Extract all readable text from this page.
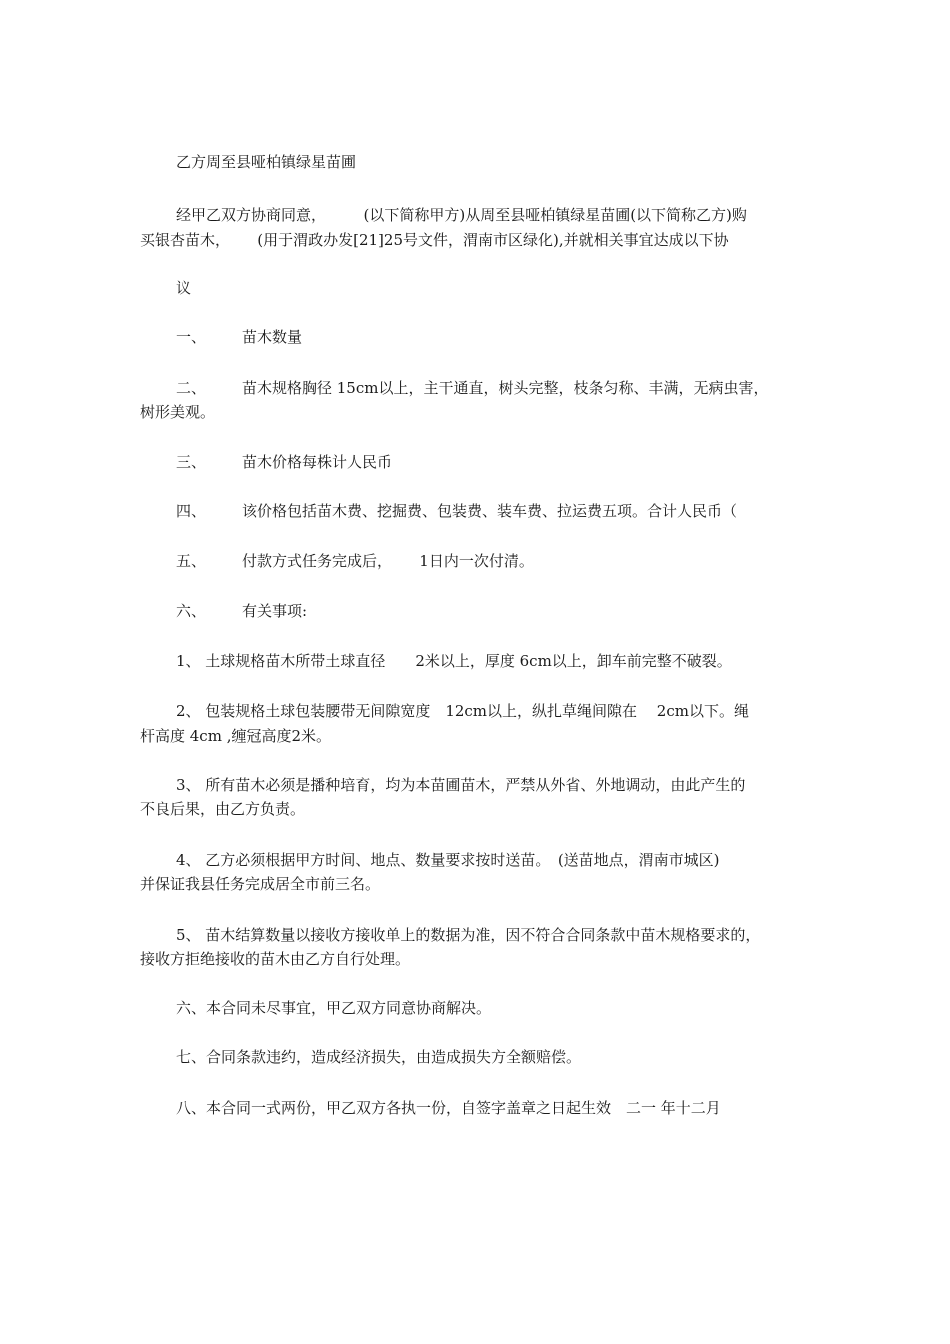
乙方周至县哑柏镇绿星苗圃
经甲乙双方协商同意，　　　(以下简称甲方)从周至县哑柏镇绿星苗圃(以下简称乙方)购
买银杏苗木，　　 (用于渭政办发[21]25号文件，渭南市区绿化),并就相关事宜达成以下协
议
一、 苗木数量
二、 苗木规格胸径 15cm以上，主干通直，树头完整，枝条匀称、丰满，无病虫害，
树形美观。
三、 苗木价格每株计人民币
四、 该价格包括苗木费、挖掘费、包装费、装车费、拉运费五项。合计人民币（
五、 付款方式任务完成后，　　 1日内一次付清。
六、 有关事项:
1、 土球规格苗木所带土球直径　　2米以上，厚度 6cm以上，卸车前完整不破裂。
2、 包装规格土球包装腰带无间隙宽度　12cm以上，纵扎草绳间隙在　 2cm以下。绳
杆高度 4cm ,缠冠高度2米。
3、 所有苗木必须是播种培育，均为本苗圃苗木，严禁从外省、外地调动，由此产生的
不良后果，由乙方负责。
4、 乙方必须根据甲方时间、地点、数量要求按时送苗。　(送苗地点，渭南市城区)
并保证我县任务完成居全市前三名。
5、 苗木结算数量以接收方接收单上的数据为准，因不符合合同条款中苗木规格要求的，
接收方拒绝接收的苗木由乙方自行处理。
六、本合同未尽事宜，甲乙双方同意协商解决。
七、合同条款违约，造成经济损失，由造成损失方全额赔偿。
八、本合同一式两份，甲乙双方各执一份，自签字盖章之日起生效　二一 年十二月
